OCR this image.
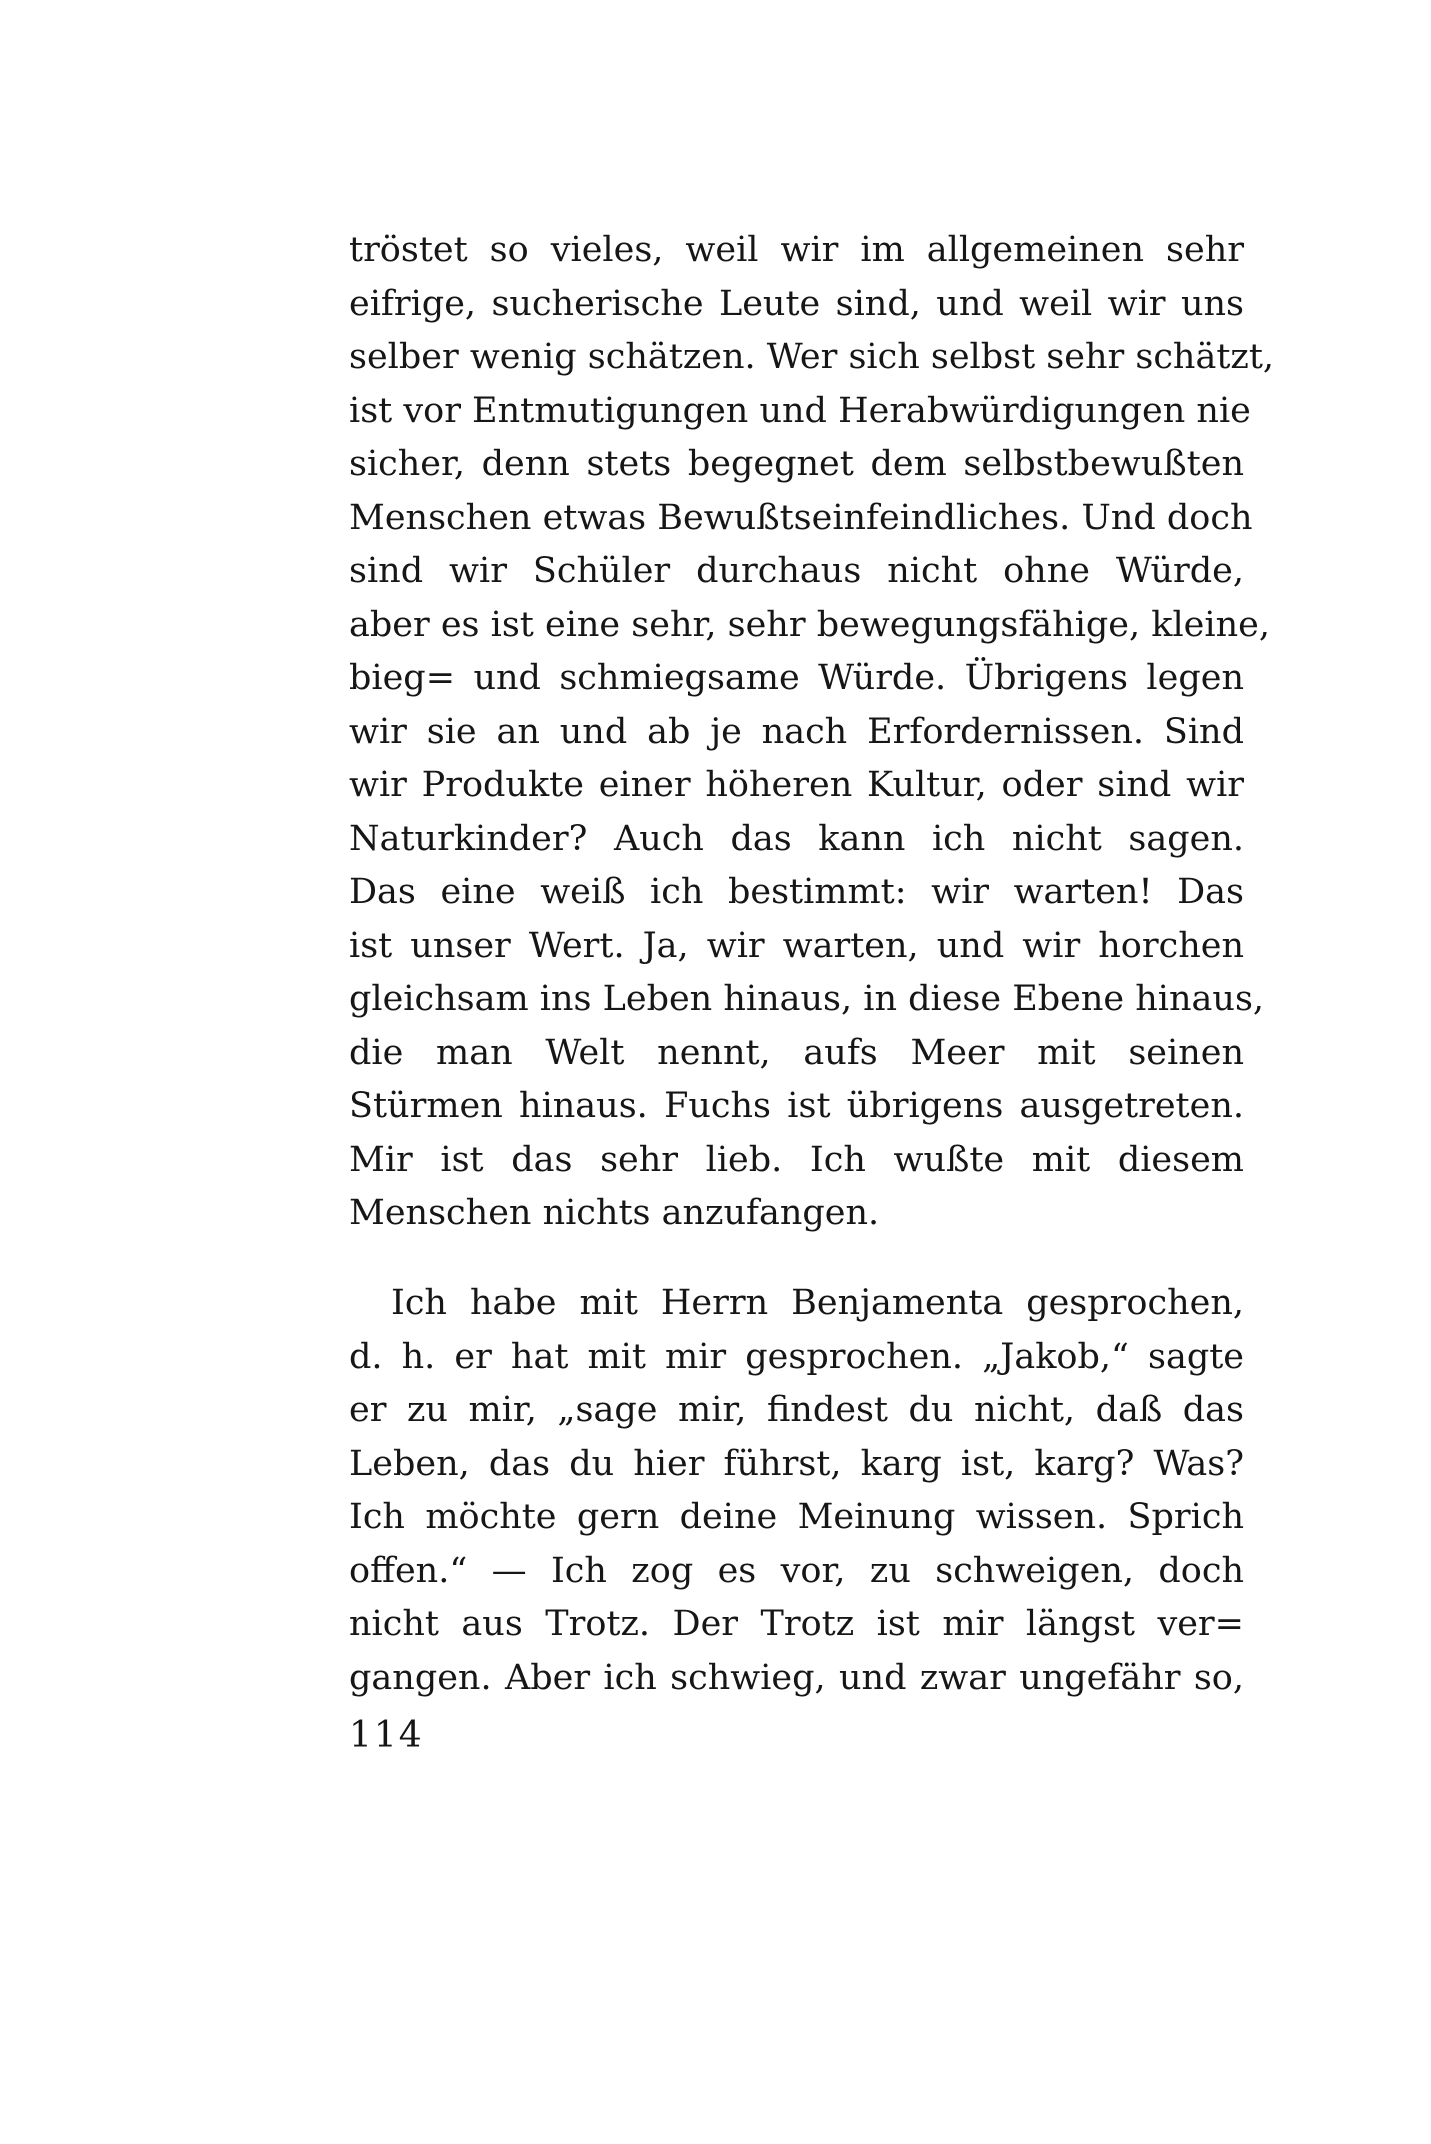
tröstet so vieles, weil wir im allgemeinen sehr
eifrige, sucherische Leute sind, und weil wir uns
selber wenig schätzen. Wer sich selbst sehr schätzt,
ist vor Entmutigungen und Herabwürdigungen nie
sicher, denn stets begegnet dem selbstbewußten
Menschen etwas Bewußtseinfeindliches. Und doch
sind wir Schüler durchaus nicht ohne Würde,
aber es ist eine sehr, sehr bewegungsfähige, kleine,
bieg= und schmiegsame Würde. Übrigens legen
wir sie an und ab je nach Erfordernissen. Sind
wir Produkte einer höheren Kultur, oder sind wir
Naturkinder? Auch das kann ich nicht sagen.
Das eine weiß ich bestimmt: wir warten! Das
ist unser Wert. Ja, wir warten, und wir horchen
gleichsam ins Leben hinaus, in diese Ebene hinaus,
die man Welt nennt, aufs Meer mit seinen
Stürmen hinaus. Fuchs ist übrigens ausgetreten.
Mir ist das sehr lieb. Ich wußte mit diesem
Menschen nichts anzufangen.
Ich habe mit Herrn Benjamenta gesprochen,
d. h. er hat mit mir gesprochen. „Jakob,“ sagte
er zu mir, „sage mir, findest du nicht, daß das
Leben, das du hier führst, karg ist, karg? Was?
Ich möchte gern deine Meinung wissen. Sprich
offen.“ — Ich zog es vor, zu schweigen, doch
nicht aus Trotz. Der Trotz ist mir längst ver=
gangen. Aber ich schwieg, und zwar ungefähr so,
114
